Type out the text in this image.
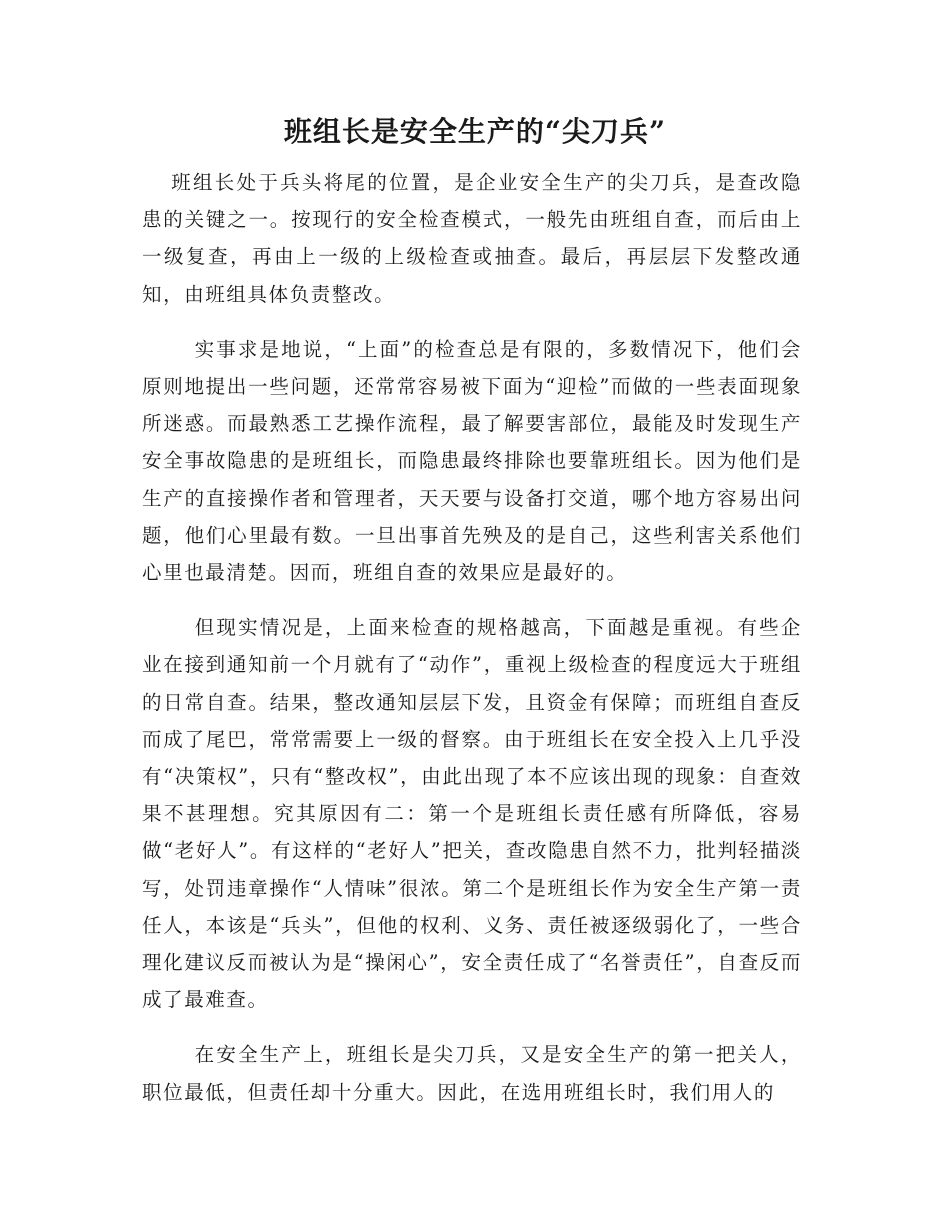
班组长是安全生产的“尖刀兵”

班组长处于兵头将尾的位置，是企业安全生产的尖刀兵，是查改隐患的关键之一。按现行的安全检查模式，一般先由班组自查，而后由上一级复查，再由上一级的上级检查或抽查。最后，再层层下发整改通知，由班组具体负责整改。

实事求是地说，“上面”的检查总是有限的，多数情况下，他们会原则地提出一些问题，还常常容易被下面为“迎检”而做的一些表面现象所迷惑。而最熟悉工艺操作流程，最了解要害部位，最能及时发现生产安全事故隐患的是班组长，而隐患最终排除也要靠班组长。因为他们是生产的直接操作者和管理者，天天要与设备打交道，哪个地方容易出问题，他们心里最有数。一旦出事首先殃及的是自己，这些利害关系他们心里也最清楚。因而，班组自查的效果应是最好的。

但现实情况是，上面来检查的规格越高，下面越是重视。有些企业在接到通知前一个月就有了“动作”，重视上级检查的程度远大于班组的日常自查。结果，整改通知层层下发，且资金有保障；而班组自查反而成了尾巴，常常需要上一级的督察。由于班组长在安全投入上几乎没有“决策权”，只有“整改权”，由此出现了本不应该出现的现象：自查效果不甚理想。究其原因有二：第一个是班组长责任感有所降低，容易做“老好人”。有这样的“老好人”把关，查改隐患自然不力，批判轻描淡写，处罚违章操作“人情味”很浓。第二个是班组长作为安全生产第一责任人，本该是“兵头”，但他的权利、义务、责任被逐级弱化了，一些合理化建议反而被认为是“操闲心”，安全责任成了“名誉责任”，自查反而成了最难查。

在安全生产上，班组长是尖刀兵，又是安全生产的第一把关人，职位最低，但责任却十分重大。因此，在选用班组长时，我们用人的
